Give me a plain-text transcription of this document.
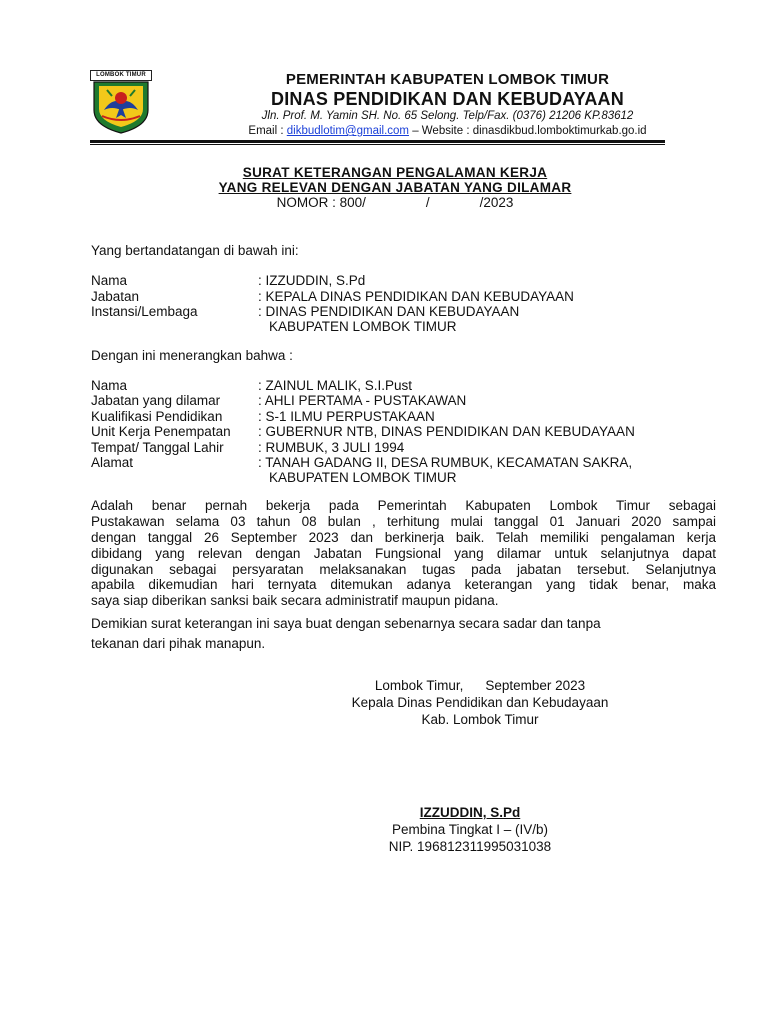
LOMBOK TIMUR	PEMERINTAH KABUPATEN LOMBOK TIMUR
DINAS PENDIDIKAN DAN KEBUDAYAAN
Jln. Prof. M. Yamin SH. No. 65 Selong. Telp/Fax. (0376) 21206 KP.83612
Email : dikbudlotim@gmail.com – Website : dinasdikbud.lomboktimurkab.go.id
SURAT KETERANGAN PENGALAMAN KERJA
YANG RELEVAN DENGAN JABATAN YANG DILAMAR
NOMOR : 800/	/	/2023
Yang bertandatangan di bawah ini:
Nama	: IZZUDDIN, S.Pd
Jabatan	: KEPALA DINAS PENDIDIKAN DAN KEBUDAYAAN
Instansi/Lembaga	: DINAS PENDIDIKAN DAN KEBUDAYAAN
KABUPATEN LOMBOK TIMUR
Dengan ini menerangkan bahwa :
Nama	: ZAINUL MALIK, S.I.Pust
Jabatan yang dilamar	: AHLI PERTAMA - PUSTAKAWAN
Kualifikasi Pendidikan	: S-1 ILMU PERPUSTAKAAN
Unit Kerja Penempatan : GUBERNUR NTB, DINAS PENDIDIKAN DAN KEBUDAYAAN
Tempat/ Tanggal Lahir	: RUMBUK, 3 JULI 1994
Alamat	: TANAH GADANG II, DESA RUMBUK, KECAMATAN SAKRA,
KABUPATEN LOMBOK TIMUR
Adalah benar pernah bekerja pada Pemerintah Kabupaten Lombok Timur sebagai
Pustakawan selama 03 tahun 08 bulan , terhitung mulai tanggal 01 Januari 2020 sampai
dengan tanggal 26 September 2023 dan berkinerja baik. Telah memiliki pengalaman kerja
dibidang yang relevan dengan Jabatan Fungsional yang dilamar untuk selanjutnya dapat
digunakan sebagai persyaratan melaksanakan tugas pada jabatan tersebut. Selanjutnya
apabila dikemudian hari ternyata ditemukan adanya keterangan yang tidak benar, maka
saya siap diberikan sanksi baik secara administratif maupun pidana.
Demikian surat keterangan ini saya buat dengan sebenarnya secara sadar dan tanpa
tekanan dari pihak manapun.
Lombok Timur, September 2023
Kepala Dinas Pendidikan dan Kebudayaan
Kab. Lombok Timur
IZZUDDIN, S.Pd
Pembina Tingkat I – (IV/b)
NIP. 196812311995031038
